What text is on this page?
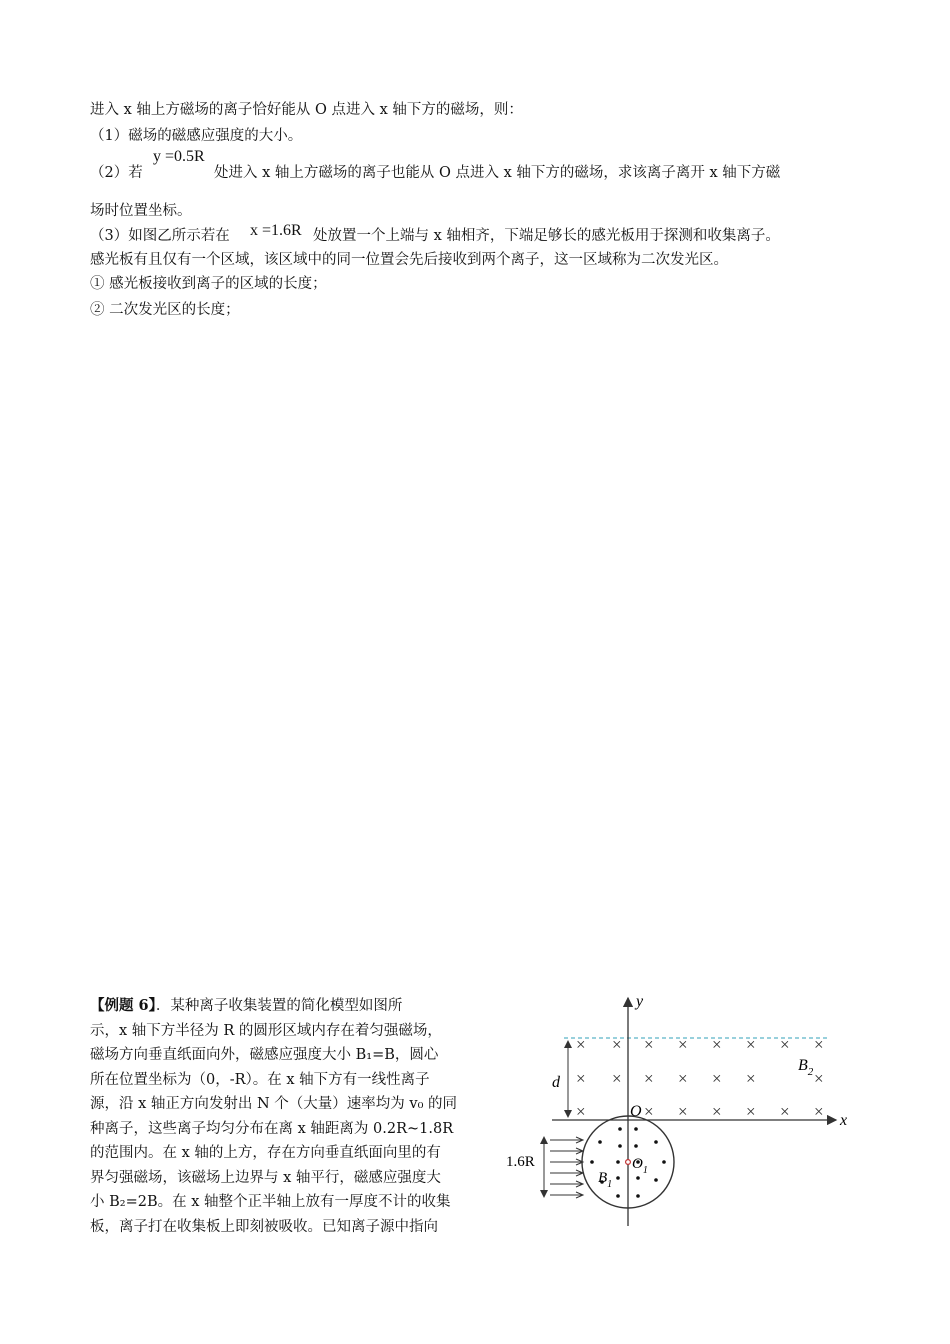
进入 x 轴上方磁场的离子恰好能从 O 点进入 x 轴下方的磁场，则：
（1）磁场的磁感应强度的大小。
（2）若
y =0.5R
处进入 x 轴上方磁场的离子也能从 O 点进入 x 轴下方的磁场，求该离子离开 x 轴下方磁
场时位置坐标。
（3）如图乙所示若在 x =1.6R 处放置一个上端与 x 轴相齐，下端足够长的感光板用于探测和收集离子。
感光板有且仅有一个区域，该区域中的同一位置会先后接收到两个离子，这一区域称为二次发光区。
① 感光板接收到离子的区域的长度；
② 二次发光区的长度；

【例题 6】．某种离子收集装置的简化模型如图所

示，x 轴下方半径为 R 的圆形区域内存在着匀强磁场，

磁场方向垂直纸面向外，磁感应强度大小 B₁=B，圆心

所在位置坐标为（0，-R）。在 x 轴下方有一线性离子

源，沿 x 轴正方向发射出 N 个（大量）速率均为 v₀ 的同

种离子，这些离子均匀分布在离 x 轴距离为 0.2R~1.8R

的范围内。在 x 轴的上方，存在方向垂直纸面向里的有

界匀强磁场，该磁场上边界与 x 轴平行，磁感应强度大

小 B₂=2B。在 x 轴整个正半轴上放有一厚度不计的收集

板，离子打在收集板上即刻被吸收。已知离子源中指向

x
y
O
d
$B_2$
× × × × × × × ×
× × × × × ×	×
×	× × × × × ×
$O_1$
$B_1$
1.6R
